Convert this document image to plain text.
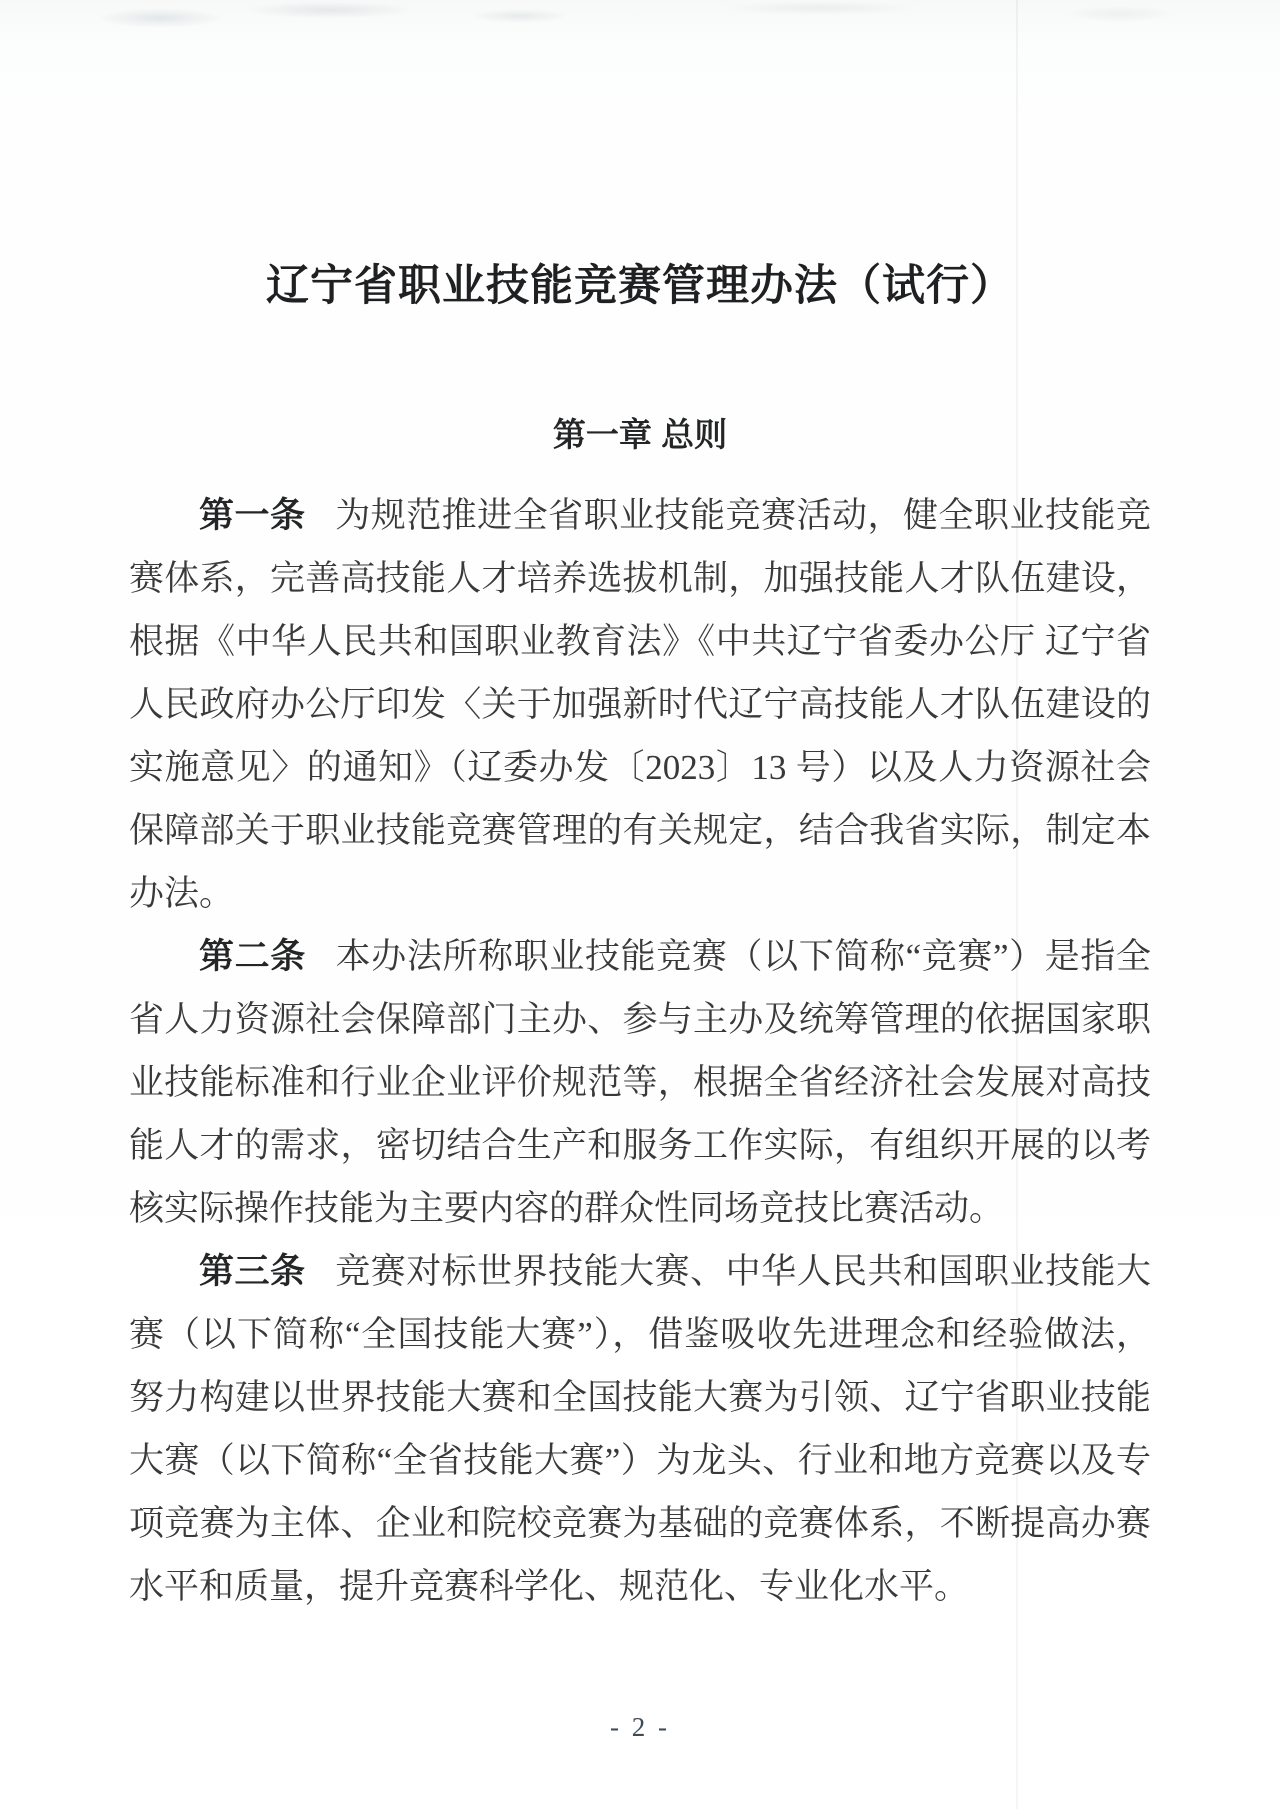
辽宁省职业技能竞赛管理办法（试行）
第一章 总则

第一条 为规范推进全省职业技能竞赛活动，健全职业技能竞赛体系，完善高技能人才培养选拔机制，加强技能人才队伍建设，根据《中华人民共和国职业教育法》《中共辽宁省委办公厅 辽宁省人民政府办公厅印发〈关于加强新时代辽宁高技能人才队伍建设的实施意见〉的通知》（辽委办发〔2023〕13 号）以及人力资源社会保障部关于职业技能竞赛管理的有关规定，结合我省实际，制定本办法。

第二条 本办法所称职业技能竞赛（以下简称“竞赛”）是指全省人力资源社会保障部门主办、参与主办及统筹管理的依据国家职业技能标准和行业企业评价规范等，根据全省经济社会发展对高技能人才的需求，密切结合生产和服务工作实际，有组织开展的以考核实际操作技能为主要内容的群众性同场竞技比赛活动。

第三条 竞赛对标世界技能大赛、中华人民共和国职业技能大赛（以下简称“全国技能大赛”），借鉴吸收先进理念和经验做法，努力构建以世界技能大赛和全国技能大赛为引领、辽宁省职业技能大赛（以下简称“全省技能大赛”）为龙头、行业和地方竞赛以及专项竞赛为主体、企业和院校竞赛为基础的竞赛体系，不断提高办赛水平和质量，提升竞赛科学化、规范化、专业化水平。

- 2 -
